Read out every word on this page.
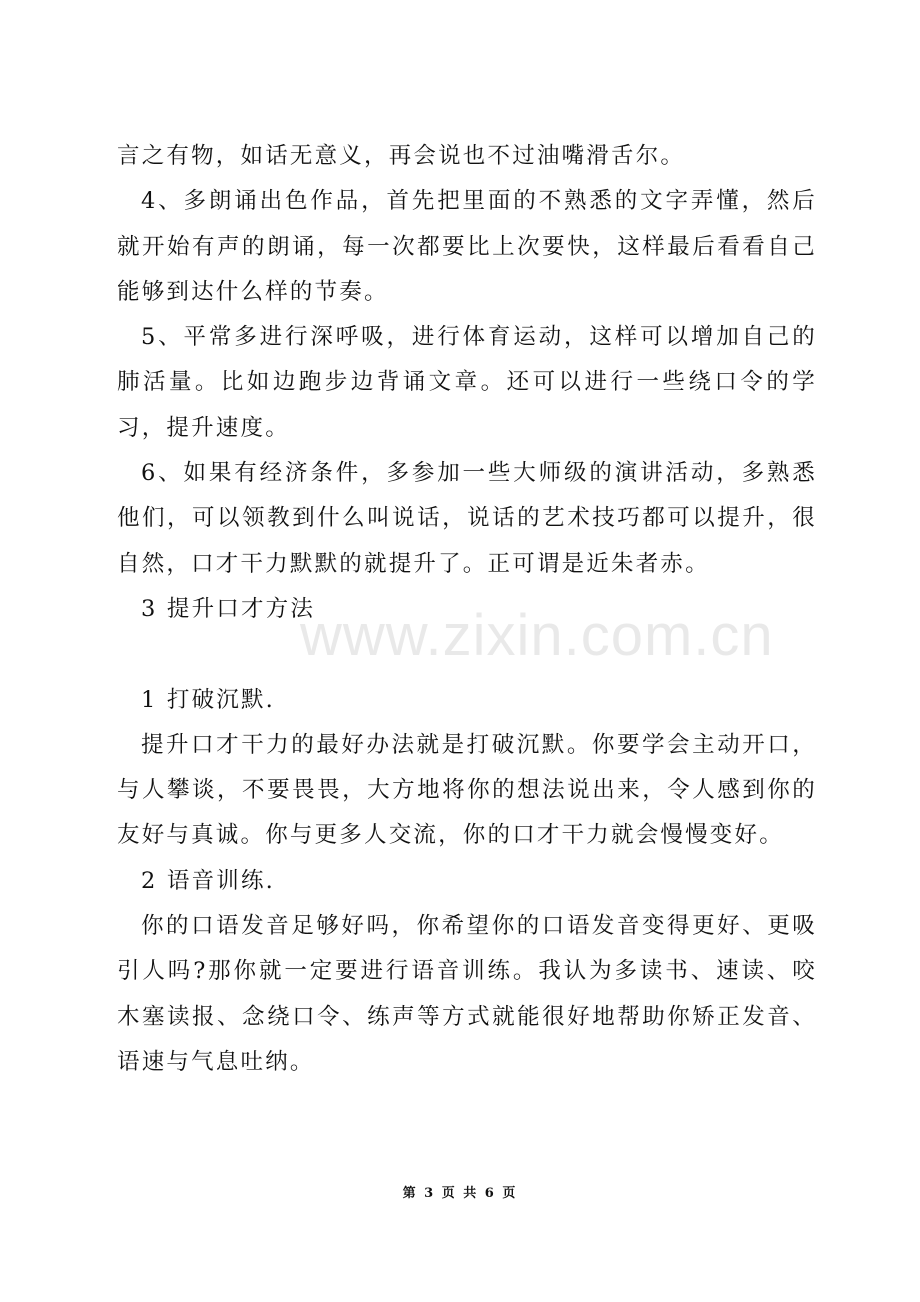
言之有物，如话无意义，再会说也不过油嘴滑舌尔。

4、多朗诵出色作品，首先把里面的不熟悉的文字弄懂，然后就开始有声的朗诵，每一次都要比上次要快，这样最后看看自己能够到达什么样的节奏。

5、平常多进行深呼吸，进行体育运动，这样可以增加自己的肺活量。比如边跑步边背诵文章。还可以进行一些绕口令的学习，提升速度。

6、如果有经济条件，多参加一些大师级的演讲活动，多熟悉他们，可以领教到什么叫说话，说话的艺术技巧都可以提升，很自然，口才干力默默的就提升了。正可谓是近朱者赤。

3 提升口才方法

1 打破沉默.

提升口才干力的最好办法就是打破沉默。你要学会主动开口，与人攀谈，不要畏畏，大方地将你的想法说出来，令人感到你的友好与真诚。你与更多人交流，你的口才干力就会慢慢变好。

2 语音训练.

你的口语发音足够好吗，你希望你的口语发音变得更好、更吸引人吗?那你就一定要进行语音训练。我认为多读书、速读、咬木塞读报、念绕口令、练声等方式就能很好地帮助你矫正发音、语速与气息吐纳。

www.zixin.com.cn
第 3 页 共 6 页
